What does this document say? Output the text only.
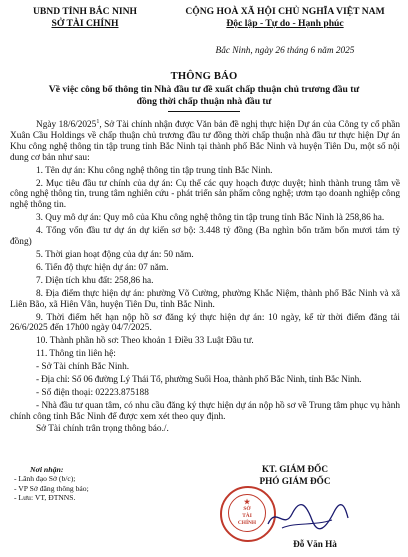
UBND TỈNH BẮC NINH
SỞ TÀI CHÍNH
CỘNG HOÀ XÃ HỘI CHỦ NGHĨA VIỆT NAM
Độc lập - Tự do - Hạnh phúc
Bắc Ninh, ngày 26 tháng 6 năm 2025
THÔNG BÁO
Về việc công bố thông tin Nhà đầu tư đề xuất chấp thuận chủ trương đầu tư
đồng thời chấp thuận nhà đầu tư

Ngày 18/6/2025$^1$, Sở Tài chính nhận được Văn bản đề nghị thực hiện Dự án của Công ty cổ phần Xuân Cầu Holdings về chấp thuận chủ trương đầu tư đồng thời chấp thuận nhà đầu tư thực hiện Dự án Khu công nghệ thông tin tập trung tỉnh Bắc Ninh tại thành phố Bắc Ninh và huyện Tiên Du, một số nội dung cơ bản như sau:

1. Tên dự án: Khu công nghệ thông tin tập trung tỉnh Bắc Ninh.

2. Mục tiêu đầu tư chính của dự án: Cụ thể các quy hoạch được duyệt; hình thành trung tâm về công nghệ thông tin, trung tâm nghiên cứu - phát triển sản phẩm công nghệ; ươm tạo doanh nghiệp công nghệ thông tin.

3. Quy mô dự án: Quy mô của Khu công nghệ thông tin tập trung tỉnh Bắc Ninh là 258,86 ha.

4. Tổng vốn đầu tư dự án dự kiến sơ bộ: 3.448 tỷ đồng (Ba nghìn bốn trăm bốn mươi tám tỷ đồng)

5. Thời gian hoạt động của dự án: 50 năm.

6. Tiến độ thực hiện dự án: 07 năm.

7. Diện tích khu đất: 258,86 ha.

8. Địa điểm thực hiện dự án: phường Võ Cường, phường Khắc Niệm, thành phố Bắc Ninh và xã Liên Bão, xã Hiên Vân, huyện Tiên Du, tỉnh Bắc Ninh.

9. Thời điểm hết hạn nộp hồ sơ đăng ký thực hiện dự án: 10 ngày, kể từ thời điểm đăng tải 26/6/2025 đến 17h00 ngày 04/7/2025.

10. Thành phần hồ sơ: Theo khoản 1 Điều 33 Luật Đầu tư.

11. Thông tin liên hệ:

- Sở Tài chính Bắc Ninh.

- Địa chỉ: Số 06 đường Lý Thái Tổ, phường Suối Hoa, thành phố Bắc Ninh, tỉnh Bắc Ninh.

- Số điện thoại: 02223.875188

- Nhà đầu tư quan tâm, có nhu cầu đăng ký thực hiện dự án nộp hồ sơ về Trung tâm phục vụ hành chính công tỉnh Bắc Ninh để được xem xét theo quy định.

Sở Tài chính trân trọng thông báo./.

Nơi nhận:
- Lãnh đạo Sở (b/c);
- VP Sở đăng thông báo;
- Lưu: VT, ĐTNNS.
KT. GIÁM ĐỐC
PHÓ GIÁM ĐỐC
★
SỞ
TÀI
CHÍNH
Đỗ Văn Hà
